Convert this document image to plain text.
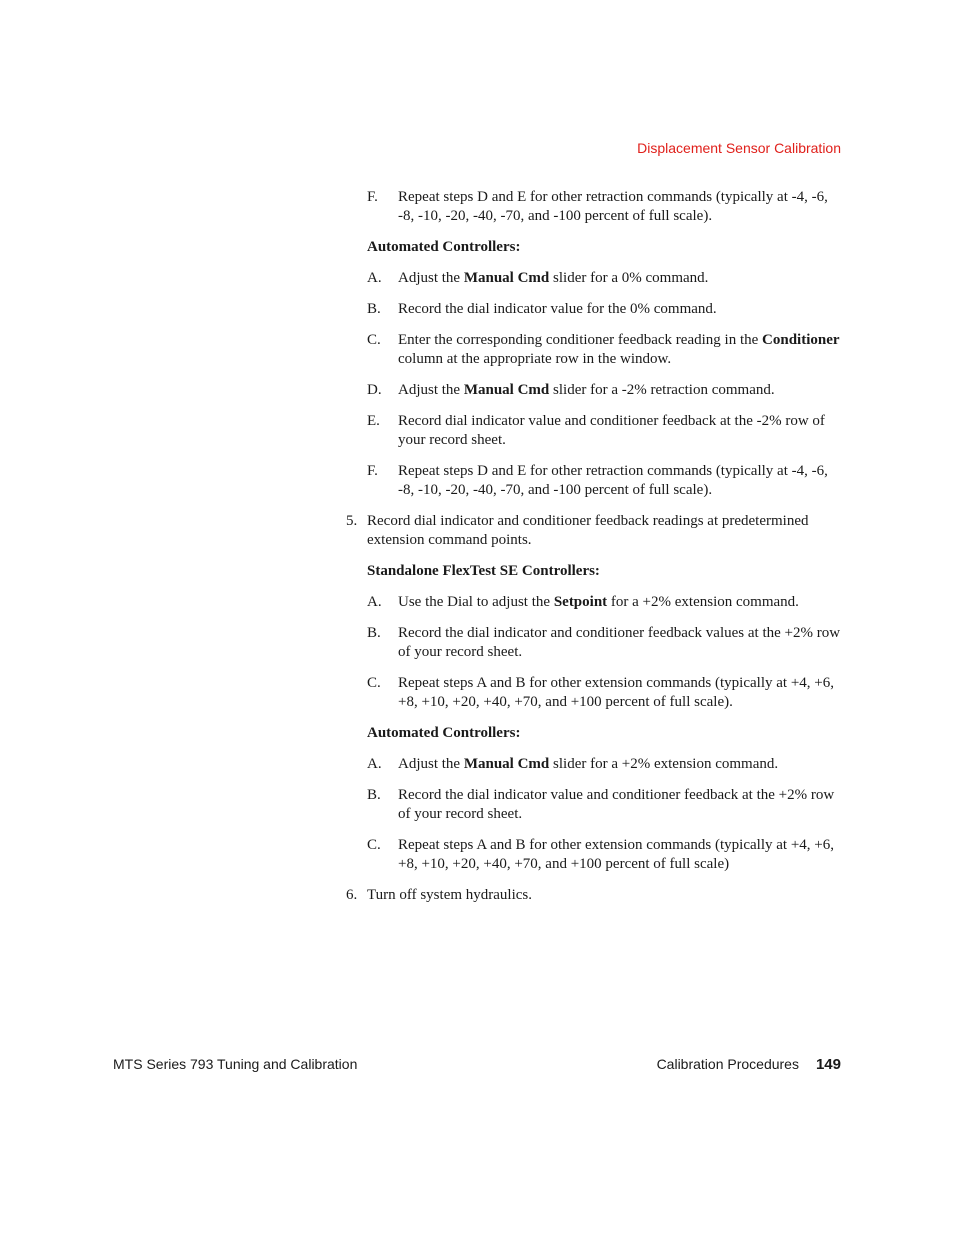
Displacement Sensor Calibration
F.	Repeat steps D and E for other retraction commands (typically at -4, -6, -8, -10, -20, -40, -70, and -100 percent of full scale).
Automated Controllers:
A.	Adjust the Manual Cmd slider for a 0% command.
B.	Record the dial indicator value for the 0% command.
C.	Enter the corresponding conditioner feedback reading in the Conditioner column at the appropriate row in the window.
D.	Adjust the Manual Cmd slider for a -2% retraction command.
E.	Record dial indicator value and conditioner feedback at the -2% row of your record sheet.
F.	Repeat steps D and E for other retraction commands (typically at -4, -6, -8, -10, -20, -40, -70, and -100 percent of full scale).
5. Record dial indicator and conditioner feedback readings at predetermined extension command points.
Standalone FlexTest SE Controllers:
A.	Use the Dial to adjust the Setpoint for a +2% extension command.
B.	Record the dial indicator and conditioner feedback values at the +2% row of your record sheet.
C.	Repeat steps A and B for other extension commands (typically at +4, +6, +8, +10, +20, +40, +70, and +100 percent of full scale).
Automated Controllers:
A.	Adjust the Manual Cmd slider for a +2% extension command.
B.	Record the dial indicator value and conditioner feedback at the +2% row of your record sheet.
C.	Repeat steps A and B for other extension commands (typically at +4, +6, +8, +10, +20, +40, +70, and +100 percent of full scale)
6. Turn off system hydraulics.
MTS Series 793 Tuning and Calibration	Calibration Procedures 149
